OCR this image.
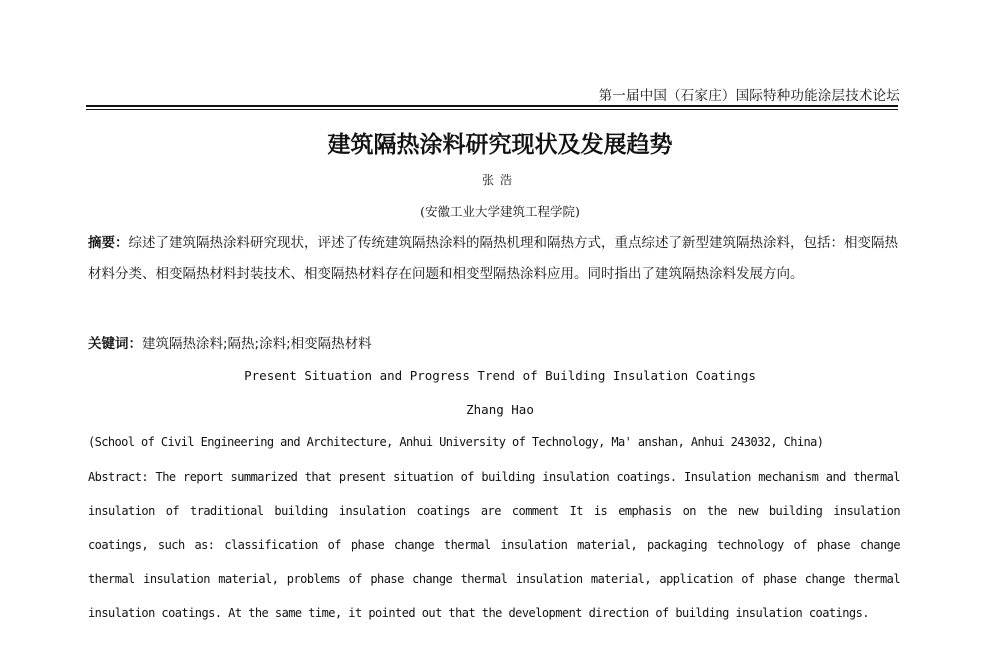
第一届中国（石家庄）国际特种功能涂层技术论坛
建筑隔热涂料研究现状及发展趋势
张浩
(安徽工业大学建筑工程学院)
摘要：综述了建筑隔热涂料研究现状，评述了传统建筑隔热涂料的隔热机理和隔热方式，重点综述了新型建筑隔热涂料，包括：相变隔热材料分类、相变隔热材料封装技术、相变隔热材料存在问题和相变型隔热涂料应用。同时指出了建筑隔热涂料发展方向。
关键词：建筑隔热涂料;隔热;涂料;相变隔热材料
Present Situation and Progress Trend of Building Insulation Coatings
Zhang Hao
(School of Civil Engineering and Architecture, Anhui University of Technology, Ma' anshan, Anhui 243032, China)
Abstract: The report summarized that present situation of building insulation coatings. Insulation mechanism and thermal insulation of traditional building insulation coatings are comment It is emphasis on the new building insulation coatings, such as: classification of phase change thermal insulation material, packaging technology of phase change thermal insulation material, problems of phase change thermal insulation material, application of phase change thermal insulation coatings. At the same time, it pointed out that the development direction of building insulation coatings.
